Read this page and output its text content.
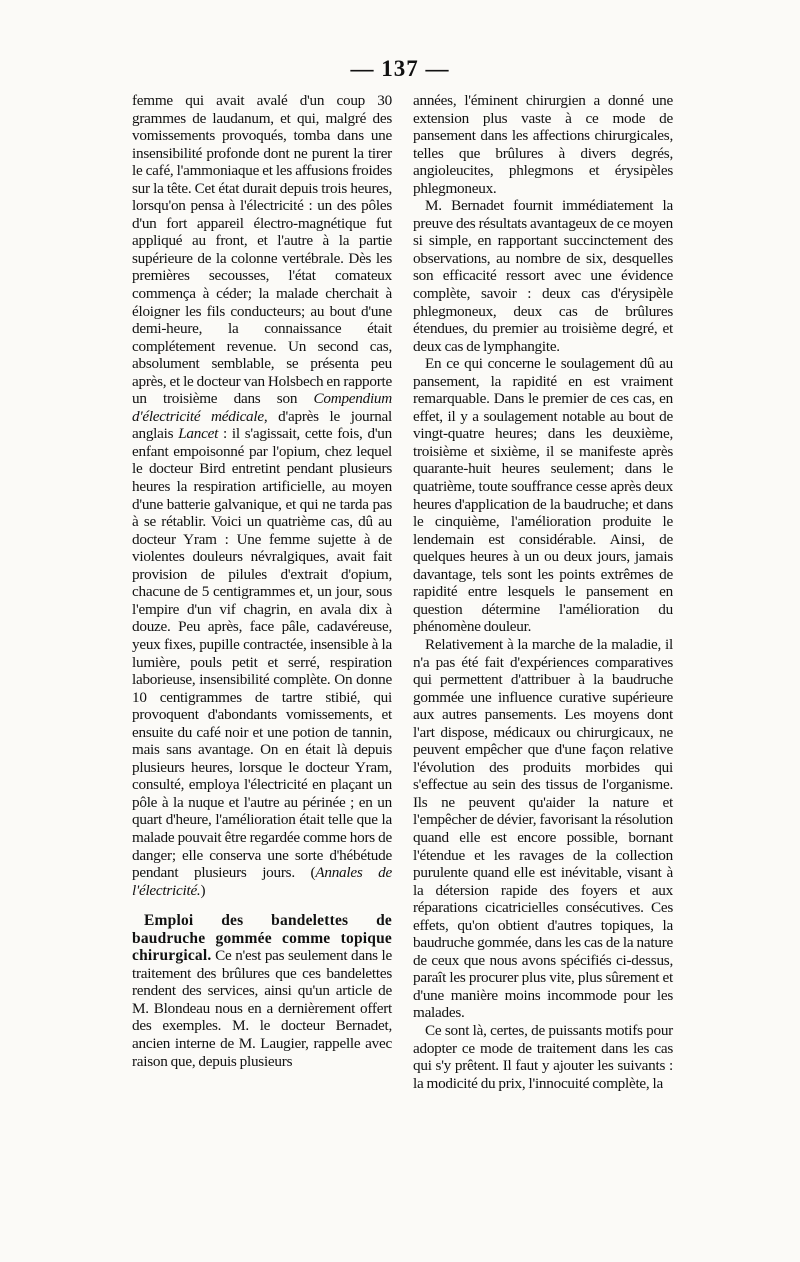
— 137 —

femme qui avait avalé d'un coup 30 grammes de laudanum, et qui, malgré des vomissements provoqués, tomba dans une insensibilité profonde dont ne purent la tirer le café, l'ammoniaque et les affusions froides sur la tête. Cet état durait depuis trois heures, lorsqu'on pensa à l'électricité : un des pôles d'un fort appareil électro-magnétique fut appliqué au front, et l'autre à la partie supérieure de la colonne vertébrale. Dès les premières secousses, l'état comateux commença à céder; la malade cherchait à éloigner les fils conducteurs; au bout d'une demi-heure, la connaissance était complétement revenue. Un second cas, absolument semblable, se présenta peu après, et le docteur van Holsbech en rapporte un troisième dans son Compendium d'électricité médicale, d'après le journal anglais Lancet : il s'agissait, cette fois, d'un enfant empoisonné par l'opium, chez lequel le docteur Bird entretint pendant plusieurs heures la respiration artificielle, au moyen d'une batterie galvanique, et qui ne tarda pas à se rétablir. Voici un quatrième cas, dû au docteur Yram : Une femme sujette à de violentes douleurs névralgiques, avait fait provision de pilules d'extrait d'opium, chacune de 5 centigrammes et, un jour, sous l'empire d'un vif chagrin, en avala dix à douze. Peu après, face pâle, cadavéreuse, yeux fixes, pupille contractée, insensible à la lumière, pouls petit et serré, respiration laborieuse, insensibilité complète. On donne 10 centigrammes de tartre stibié, qui provoquent d'abondants vomissements, et ensuite du café noir et une potion de tannin, mais sans avantage. On en était là depuis plusieurs heures, lorsque le docteur Yram, consulté, employa l'électricité en plaçant un pôle à la nuque et l'autre au périnée ; en un quart d'heure, l'amélioration était telle que la malade pouvait être regardée comme hors de danger; elle conserva une sorte d'hébétude pendant plusieurs jours. (Annales de l'électricité.)

Emploi des bandelettes de baudruche gommée comme topique chirurgical. Ce n'est pas seulement dans le traitement des brûlures que ces bandelettes rendent des services, ainsi qu'un article de M. Blondeau nous en a dernièrement offert des exemples. M. le docteur Bernadet, ancien interne de M. Laugier, rappelle avec raison que, depuis plusieurs

années, l'éminent chirurgien a donné une extension plus vaste à ce mode de pansement dans les affections chirurgicales, telles que brûlures à divers degrés, angioleucites, phlegmons et érysipèles phlegmoneux.

M. Bernadet fournit immédiatement la preuve des résultats avantageux de ce moyen si simple, en rapportant succinctement des observations, au nombre de six, desquelles son efficacité ressort avec une évidence complète, savoir : deux cas d'érysipèle phlegmoneux, deux cas de brûlures étendues, du premier au troisième degré, et deux cas de lymphangite.

En ce qui concerne le soulagement dû au pansement, la rapidité en est vraiment remarquable. Dans le premier de ces cas, en effet, il y a soulagement notable au bout de vingt-quatre heures; dans les deuxième, troisième et sixième, il se manifeste après quarante-huit heures seulement; dans le quatrième, toute souffrance cesse après deux heures d'application de la baudruche; et dans le cinquième, l'amélioration produite le lendemain est considérable. Ainsi, de quelques heures à un ou deux jours, jamais davantage, tels sont les points extrêmes de rapidité entre lesquels le pansement en question détermine l'amélioration du phénomène douleur.

Relativement à la marche de la maladie, il n'a pas été fait d'expériences comparatives qui permettent d'attribuer à la baudruche gommée une influence curative supérieure aux autres pansements. Les moyens dont l'art dispose, médicaux ou chirurgicaux, ne peuvent empêcher que d'une façon relative l'évolution des produits morbides qui s'effectue au sein des tissus de l'organisme. Ils ne peuvent qu'aider la nature et l'empêcher de dévier, favorisant la résolution quand elle est encore possible, bornant l'étendue et les ravages de la collection purulente quand elle est inévitable, visant à la détersion rapide des foyers et aux réparations cicatricielles consécutives. Ces effets, qu'on obtient d'autres topiques, la baudruche gommée, dans les cas de la nature de ceux que nous avons spécifiés ci-dessus, paraît les procurer plus vite, plus sûrement et d'une manière moins incommode pour les malades.

Ce sont là, certes, de puissants motifs pour adopter ce mode de traitement dans les cas qui s'y prêtent. Il faut y ajouter les suivants : la modicité du prix, l'innocuité complète, la
